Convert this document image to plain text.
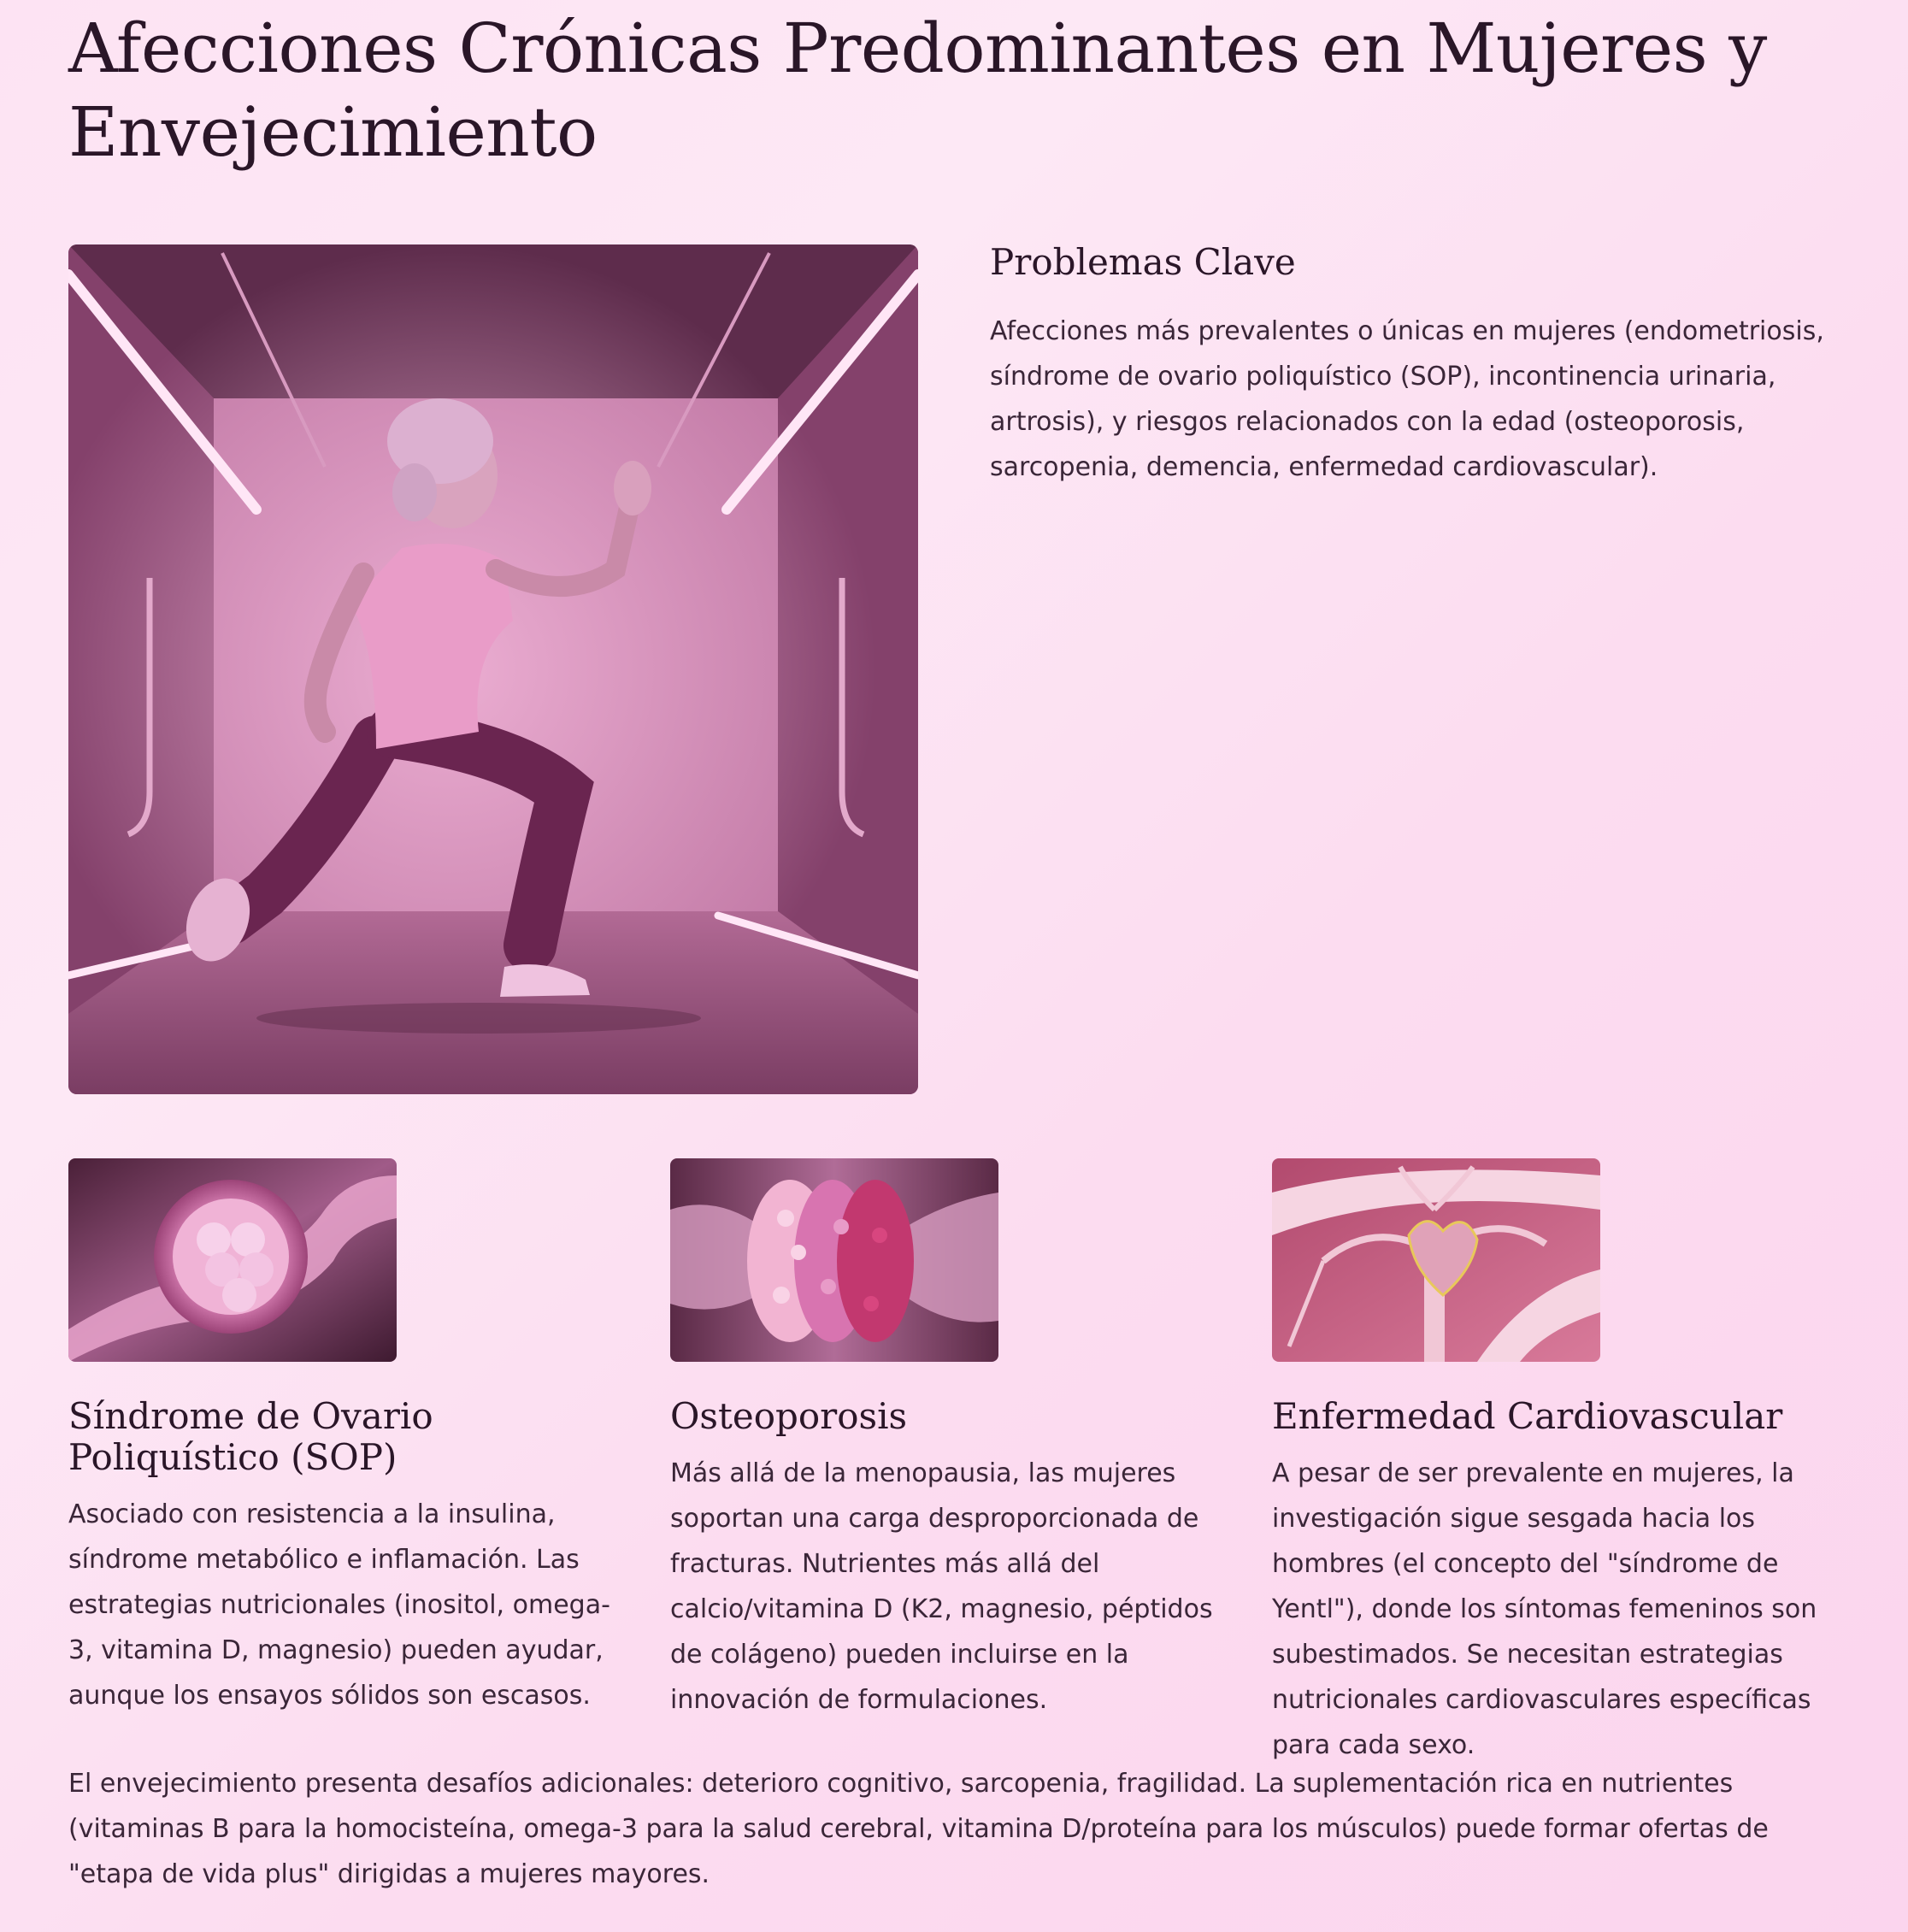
Afecciones Crónicas Predominantes en Mujeres y Envejecimiento
Problemas Clave

Afecciones más prevalentes o únicas en mujeres (endometriosis, síndrome de ovario poliquístico (SOP), incontinencia urinaria, artrosis), y riesgos relacionados con la edad (osteoporosis, sarcopenia, demencia, enfermedad cardiovascular).

Síndrome de Ovario Poliquístico (SOP)

Asociado con resistencia a la insulina, síndrome metabólico e inflamación. Las estrategias nutricionales (inositol, omega-3, vitamina D, magnesio) pueden ayudar, aunque los ensayos sólidos son escasos.

Osteoporosis

Más allá de la menopausia, las mujeres soportan una carga desproporcionada de fracturas. Nutrientes más allá del calcio/vitamina D (K2, magnesio, péptidos de colágeno) pueden incluirse en la innovación de formulaciones.

Enfermedad Cardiovascular

A pesar de ser prevalente en mujeres, la investigación sigue sesgada hacia los hombres (el concepto del "síndrome de Yentl"), donde los síntomas femeninos son subestimados. Se necesitan estrategias nutricionales cardiovasculares específicas para cada sexo.

El envejecimiento presenta desafíos adicionales: deterioro cognitivo, sarcopenia, fragilidad. La suplementación rica en nutrientes (vitaminas B para la homocisteína, omega-3 para la salud cerebral, vitamina D/proteína para los músculos) puede formar ofertas de "etapa de vida plus" dirigidas a mujeres mayores.
